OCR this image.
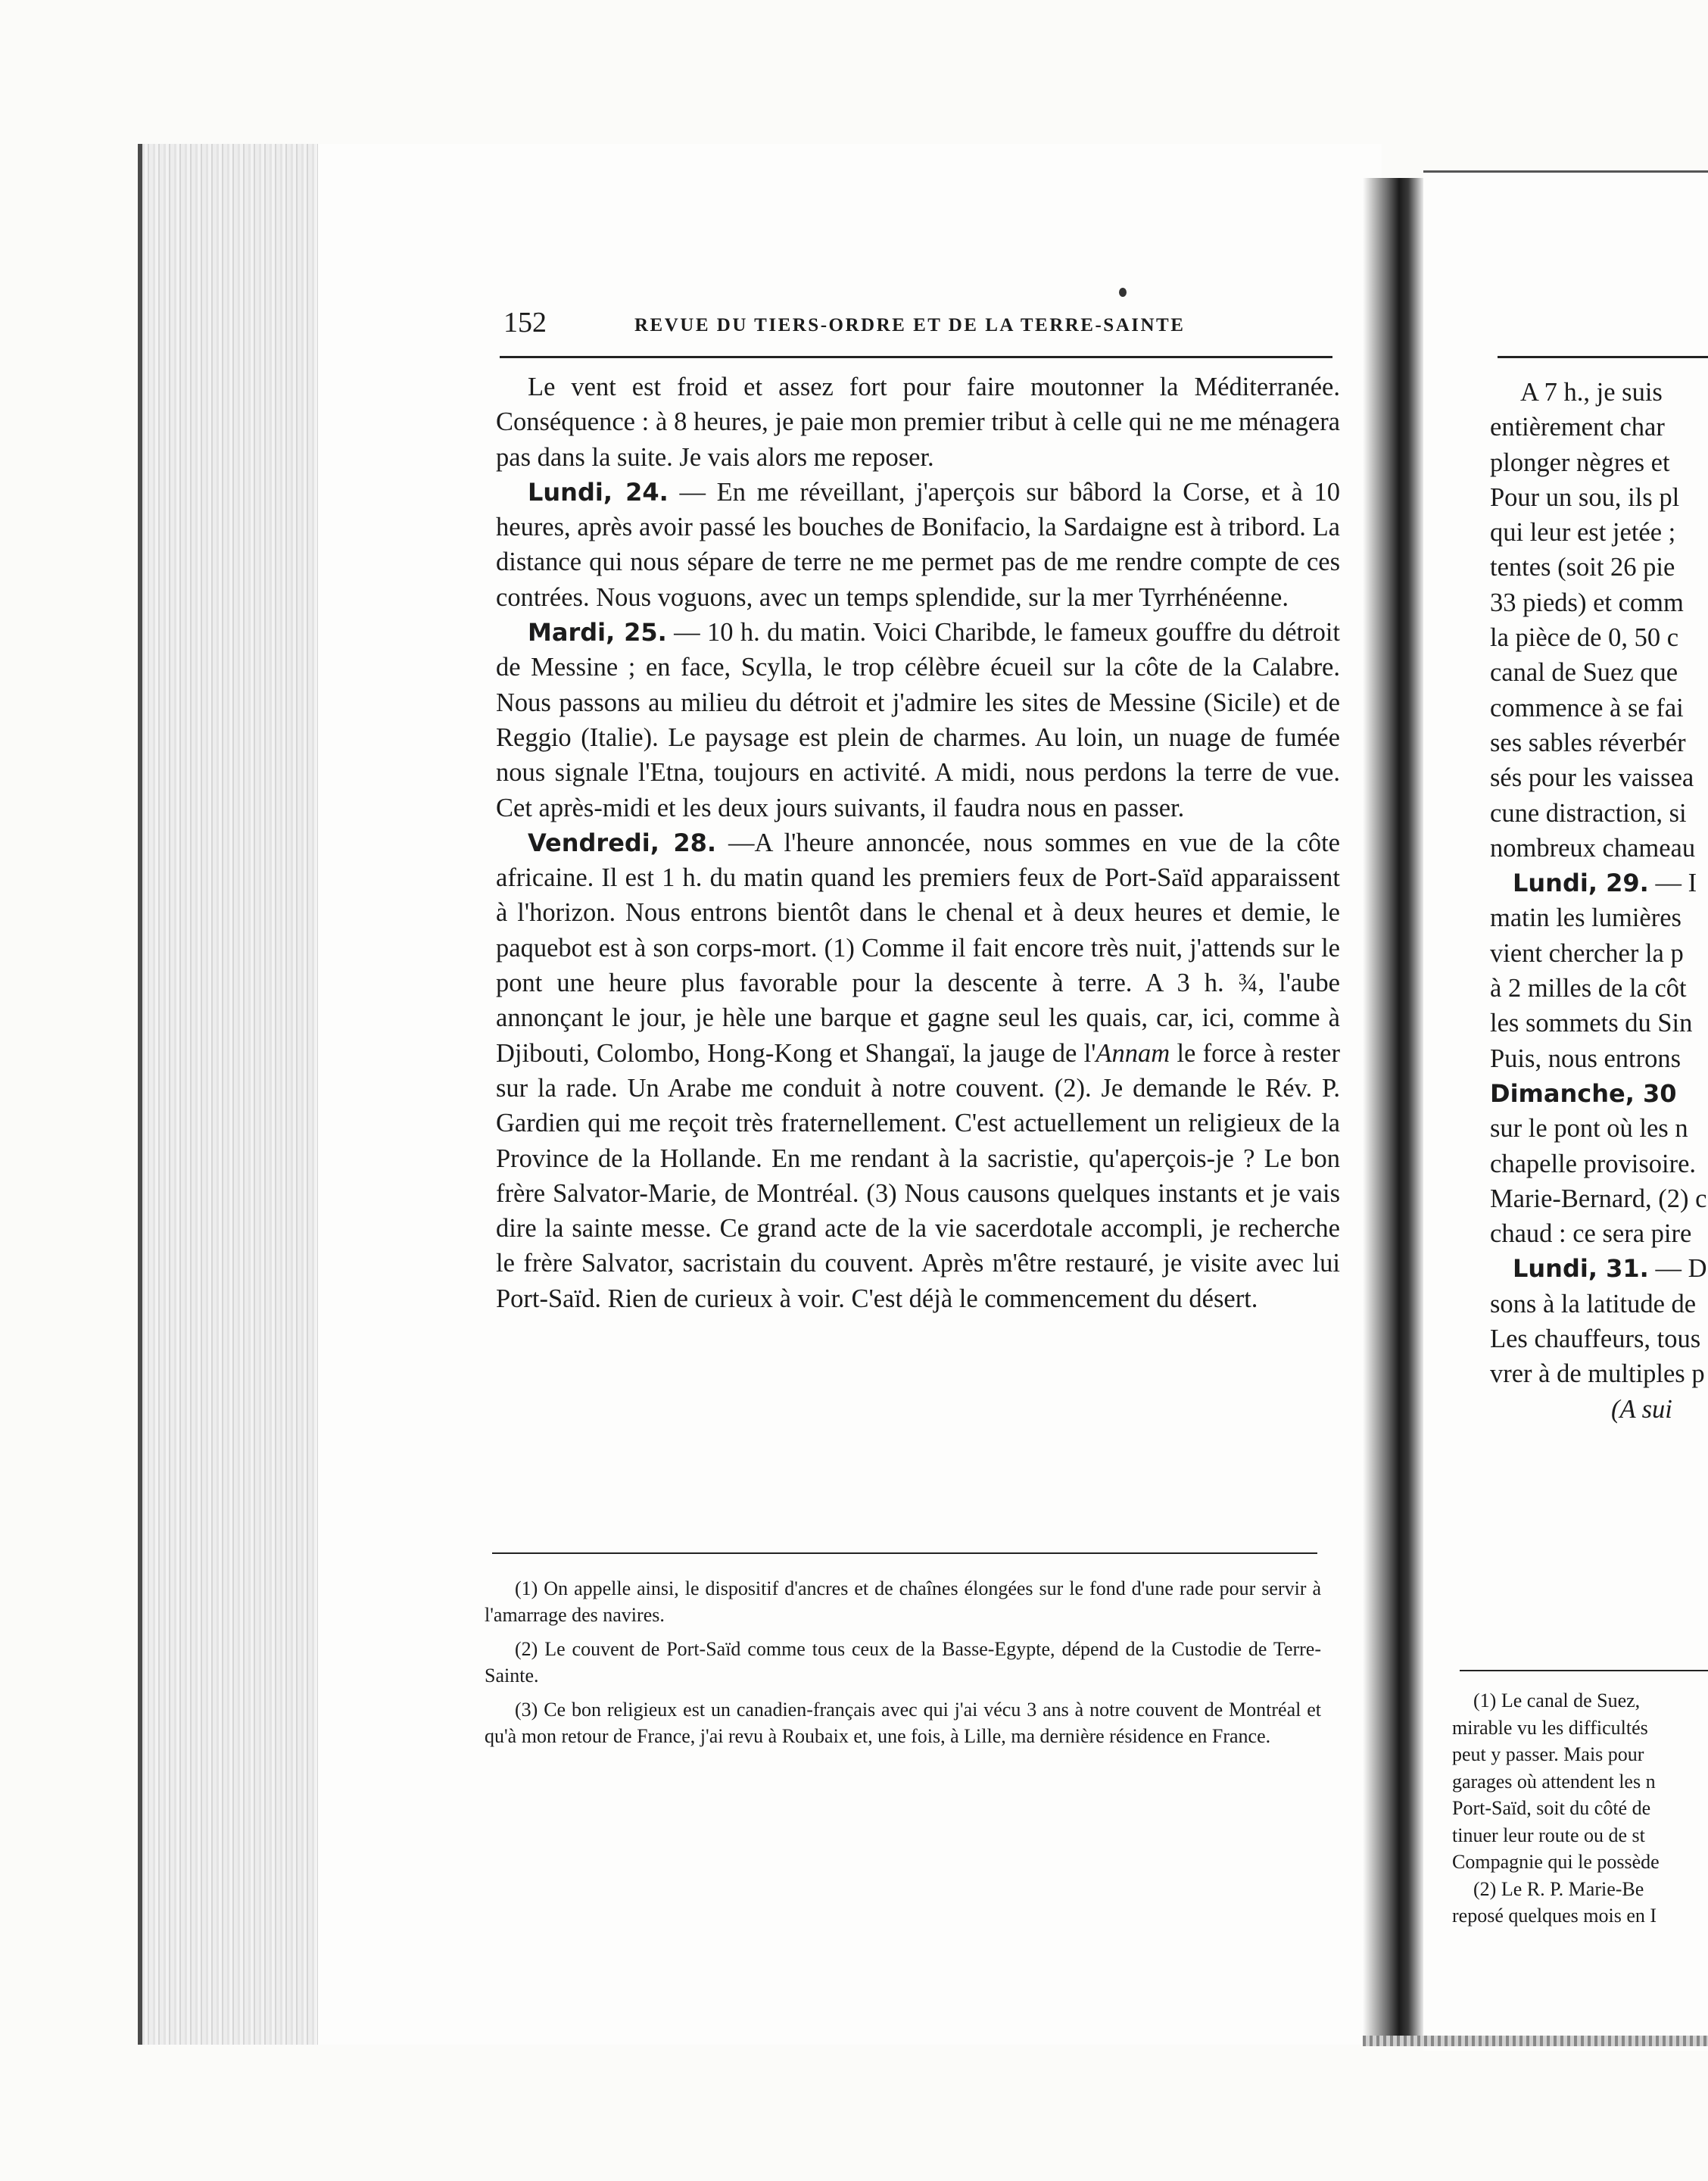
152	REVUE DU TIERS-ORDRE ET DE LA TERRE-SAINTE

Le vent est froid et assez fort pour faire moutonner la Méditerranée. Conséquence : à 8 heures, je paie mon premier tribut à celle qui ne me ménagera pas dans la suite. Je vais alors me reposer.

Lundi, 24. — En me réveillant, j'aperçois sur bâbord la Corse, et à 10 heures, après avoir passé les bouches de Bonifacio, la Sardaigne est à tribord. La distance qui nous sépare de terre ne me permet pas de me rendre compte de ces contrées. Nous voguons, avec un temps splendide, sur la mer Tyrrhénéenne.

Mardi, 25. — 10 h. du matin. Voici Charibde, le fameux gouffre du détroit de Messine ; en face, Scylla, le trop célèbre écueil sur la côte de la Calabre. Nous passons au milieu du détroit et j'admire les sites de Messine (Sicile) et de Reggio (Italie). Le paysage est plein de charmes. Au loin, un nuage de fumée nous signale l'Etna, toujours en activité. A midi, nous perdons la terre de vue. Cet après-midi et les deux jours suivants, il faudra nous en passer.

Vendredi, 28. —A l'heure annoncée, nous sommes en vue de la côte africaine. Il est 1 h. du matin quand les premiers feux de Port-Saïd apparaissent à l'horizon. Nous entrons bientôt dans le chenal et à deux heures et demie, le paquebot est à son corps-mort. (1) Comme il fait encore très nuit, j'attends sur le pont une heure plus favorable pour la descente à terre. A 3 h. ¾, l'aube annonçant le jour, je hèle une barque et gagne seul les quais, car, ici, comme à Djibouti, Colombo, Hong-Kong et Shangaï, la jauge de l'Annam le force à rester sur la rade. Un Arabe me conduit à notre couvent. (2). Je demande le Rév. P. Gardien qui me reçoit très fraternellement. C'est actuellement un religieux de la Province de la Hollande. En me rendant à la sacristie, qu'aperçois-je ? Le bon frère Salvator-Marie, de Montréal. (3) Nous causons quelques instants et je vais dire la sainte messe. Ce grand acte de la vie sacerdotale accompli, je recherche le frère Salvator, sacristain du couvent. Après m'être restauré, je visite avec lui Port-Saïd. Rien de curieux à voir. C'est déjà le commencement du désert.

(1) On appelle ainsi, le dispositif d'ancres et de chaînes élongées sur le fond d'une rade pour servir à l'amarrage des navires.

(2) Le couvent de Port-Saïd comme tous ceux de la Basse-Egypte, dépend de la Custodie de Terre-Sainte.

(3) Ce bon religieux est un canadien-français avec qui j'ai vécu 3 ans à notre couvent de Montréal et qu'à mon retour de France, j'ai revu à Roubaix et, une fois, à Lille, ma dernière résidence en France.

A 7 h., je suis
entièrement char
plonger nègres et
Pour un sou, ils pl
qui leur est jetée ;
tentes (soit 26 pie
33 pieds) et comm
la pièce de 0, 50 c
canal de Suez que
commence à se fai
ses sables réverbér
sés pour les vaissea
cune distraction, si
nombreux chameau
Lundi, 29. — I
matin les lumières
vient chercher la p
à 2 milles de la côt
les sommets du Sin
Puis, nous entrons
Dimanche, 30
sur le pont où les n
chapelle provisoire.
Marie-Bernard, (2) c
chaud : ce sera pire
Lundi, 31. — D
sons à la latitude de
Les chauffeurs, tous
vrer à de multiples p
(A sui
(1) Le canal de Suez,
mirable vu les difficultés
peut y passer. Mais pour
garages où attendent les n
Port-Saïd, soit du côté de
tinuer leur route ou de st
Compagnie qui le possède
(2) Le R. P. Marie-Be
reposé quelques mois en I
